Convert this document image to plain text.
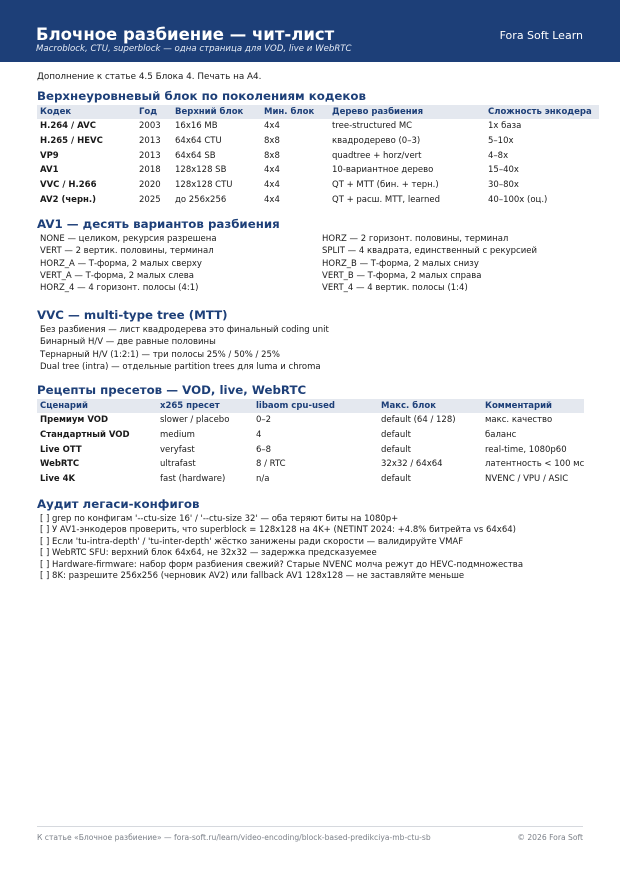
Блочное разбиение — чит-лист
Macroblock, CTU, superblock — одна страница для VOD, live и WebRTC
Fora Soft Learn
Дополнение к статье 4.5 Блока 4. Печать на А4.
Верхнеуровневый блок по поколениям кодеков
Кодек	Год	Верхний блок	Мин. блок	Дерево разбиения	Сложность энкодера
H.264 / AVC	2003	16x16 MB	4x4	tree-structured MC	1x база
H.265 / HEVC	2013	64x64 CTU	8x8	квадродерево (0–3)	5–10x
VP9	2013	64x64 SB	8x8	quadtree + horz/vert	4–8x
AV1	2018	128x128 SB	4x4	10-вариантное дерево	15–40x
VVC / H.266	2020	128x128 CTU	4x4	QT + MTT (бин. + терн.)	30–80x
AV2 (черн.)	2025	до 256x256	4x4	QT + расш. MTT, learned	40–100x (оц.)
AV1 — десять вариантов разбиения
NONE — целиком, рекурсия разрешена
VERT — 2 вертик. половины, терминал
HORZ_A — Т-форма, 2 малых сверху
VERT_A — Т-форма, 2 малых слева
HORZ_4 — 4 горизонт. полосы (4:1)
HORZ — 2 горизонт. половины, терминал
SPLIT — 4 квадрата, единственный с рекурсией
HORZ_B — Т-форма, 2 малых снизу
VERT_B — Т-форма, 2 малых справа
VERT_4 — 4 вертик. полосы (1:4)
VVC — multi-type tree (MTT)
Без разбиения — лист квадродерева это финальный coding unit
Бинарный H/V — две равные половины
Тернарный H/V (1:2:1) — три полосы 25% / 50% / 25%
Dual tree (intra) — отдельные partition trees для luma и chroma
Рецепты пресетов — VOD, live, WebRTC
Сценарий	x265 пресет	libaom cpu-used	Макс. блок	Комментарий
Премиум VOD	slower / placebo	0–2	default (64 / 128)	макс. качество
Стандартный VOD	medium	4	default	баланс
Live OTT	veryfast	6–8	default	real-time, 1080p60
WebRTC	ultrafast	8 / RTC	32x32 / 64x64	латентность < 100 мс
Live 4K	fast (hardware)	n/a	default	NVENC / VPU / ASIC
Аудит легаси-конфигов
[ ] grep по конфигам '--ctu-size 16' / '--ctu-size 32' — оба теряют биты на 1080p+
[ ] У AV1-энкодеров проверить, что superblock = 128x128 на 4K+ (NETINT 2024: +4.8% битрейта vs 64x64)
[ ] Если 'tu-intra-depth' / 'tu-inter-depth' жёстко занижены ради скорости — валидируйте VMAF
[ ] WebRTC SFU: верхний блок 64x64, не 32x32 — задержка предсказуемее
[ ] Hardware-firmware: набор форм разбиения свежий? Старые NVENC молча режут до HEVC-подмножества
[ ] 8K: разрешите 256x256 (черновик AV2) или fallback AV1 128x128 — не заставляйте меньше
К статье «Блочное разбиение» — fora-soft.ru/learn/video-encoding/block-based-predikciya-mb-ctu-sb	© 2026 Fora Soft
